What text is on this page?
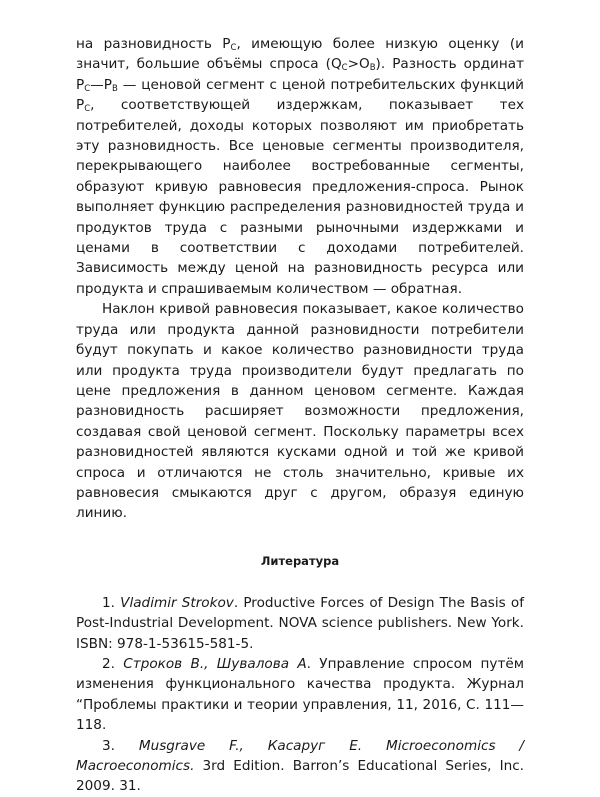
на разновидность $P_C$, имеющую более низкую оценку (и значит, большие объёмы спроса $(Q_C>O_B)$. Разность ординат $P_C—P_B$ — ценовой сегмент с ценой потребительских функций $P_C$, соответствующей издержкам, показывает тех потребителей, доходы которых позволяют им приобретать эту разновидность. Все ценовые сегменты производителя, перекрывающего наиболее востребованные сегменты, образуют кривую равновесия предложения-спроса. Рынок выполняет функцию распределения разновидностей труда и продуктов труда с разными рыночными издержками и ценами в соответствии с доходами потребителей. Зависимость между ценой на разновидность ресурса или продукта и спрашиваемым количеством — обратная.

Наклон кривой равновесия показывает, какое количество труда или продукта данной разновидности потребители будут покупать и какое количество разновидности труда или продукта труда производители будут предлагать по цене предложения в данном ценовом сегменте. Каждая разновидность расширяет возможности предложения, создавая свой ценовой сегмент. Поскольку параметры всех разновидностей являются кусками одной и той же кривой спроса и отличаются не столь значительно, кривые их равновесия смыкаются друг с другом, образуя единую линию.

Литература

1. Vladimir Strokov. Productive Forces of Design The Basis of Post-Industrial Development. NOVA science publishers. New York. ISBN: 978-1-53615-581-5.

2. Строков В., Шувалова А. Управление спросом путём изменения функционального качества продукта. Журнал “Проблемы практики и теории управления, 11, 2016, С. 111—118.

3. Musgrave F., Касаруг E. Microeconomics / Macroeconomics. 3rd Edition. Barron’s Educational Series, Inc. 2009. 31.
